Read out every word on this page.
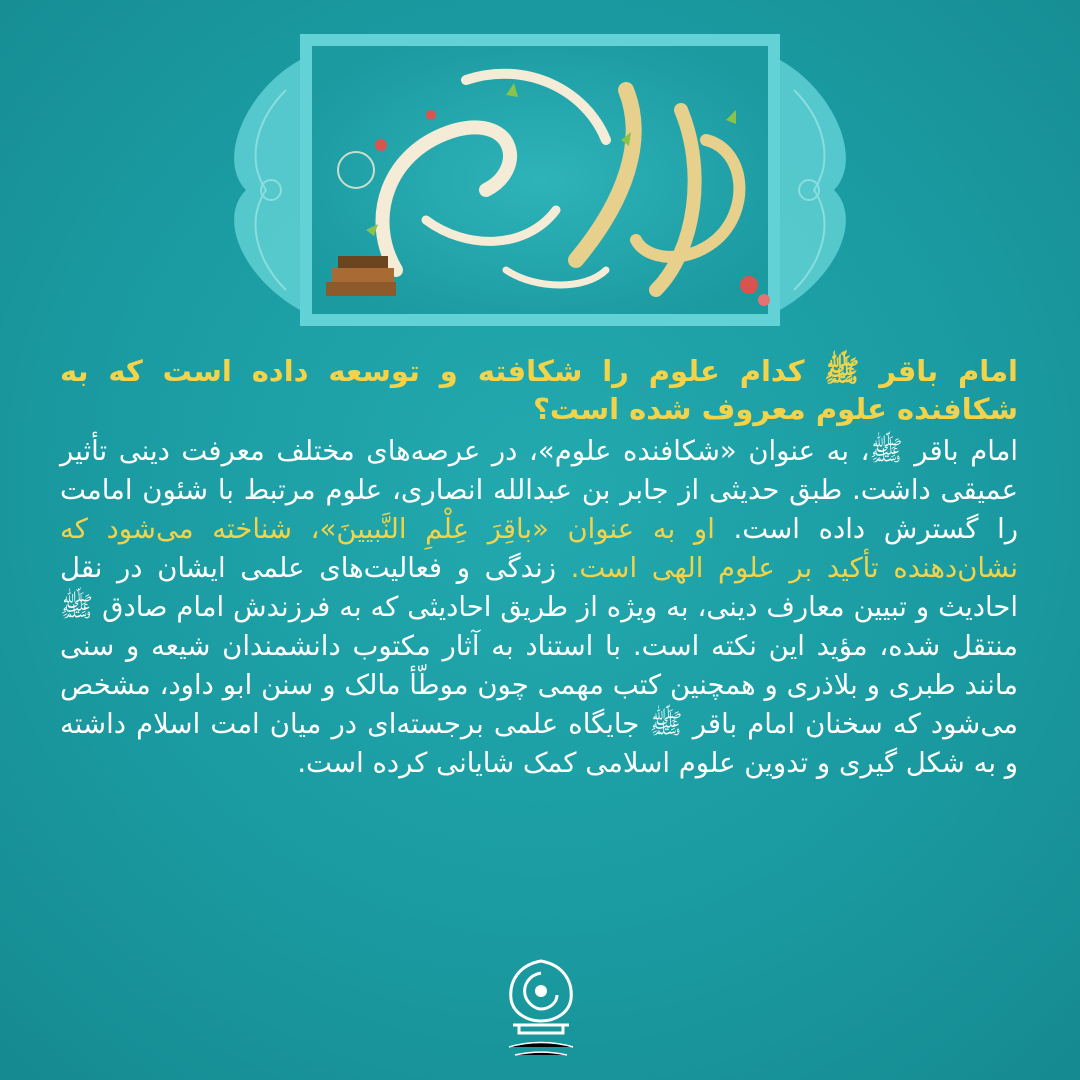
امام باقر ﷺ کدام علوم را شکافته و توسعه داده است که به شکافنده علوم معروف شده است؟

امام باقر ﷺ، به عنوان «شکافنده علوم»، در عرصه‌های مختلف معرفت دینی تأثیر عمیقی داشت. طبق حدیثی از جابر بن عبدالله انصاری، علوم مرتبط با شئون امامت را گسترش داده است. او به عنوان «باقِرَ عِلْمِ النَّبیینَ»، شناخته می‌شود که نشان‌دهنده تأکید بر علوم الهی است. زندگی و فعالیت‌های علمی ایشان در نقل احادیث و تبیین معارف دینی، به ویژه از طریق احادیثی که به فرزندش امام صادق ﷺ منتقل شده، مؤید این نکته است. با استناد به آثار مکتوب دانشمندان شیعه و سنی مانند طبری و بلاذری و همچنین کتب مهمی چون موطّأ مالک و سنن ابو داود، مشخص می‌شود که سخنان امام باقر ﷺ جایگاه علمی برجسته‌ای در میان امت اسلام داشته و به شکل گیری و تدوین علوم اسلامی کمک شایانی کرده است.
